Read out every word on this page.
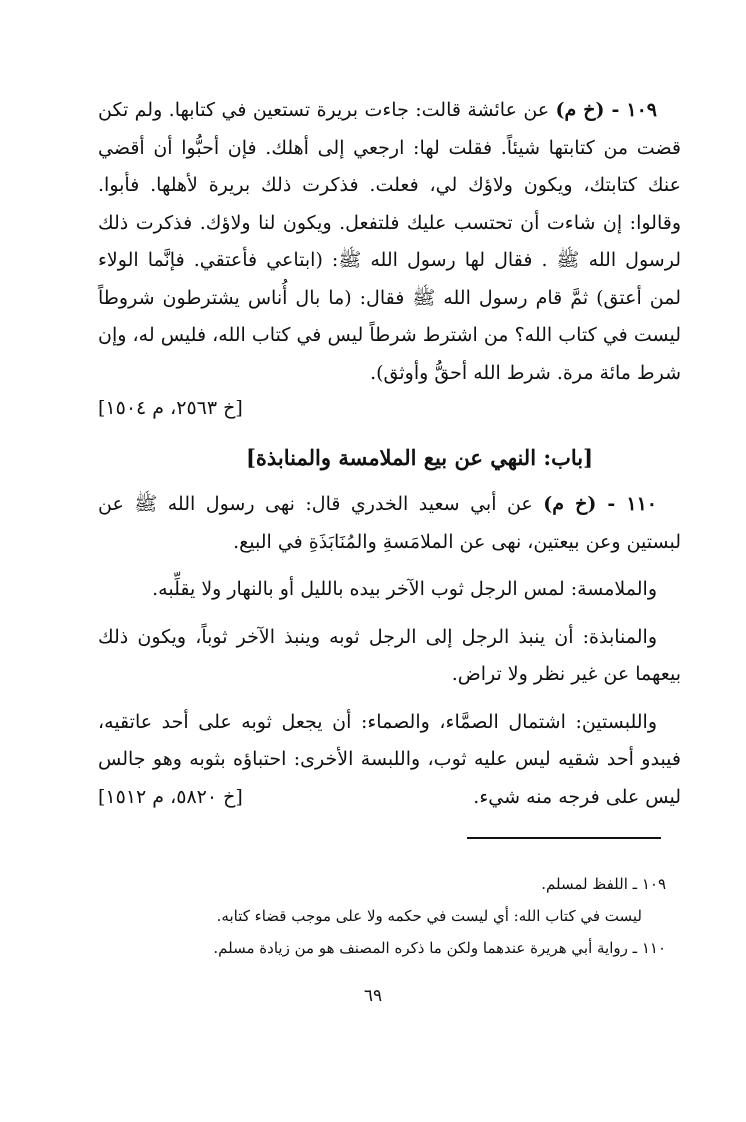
١٠٩ - (خ م) عن عائشة قالت: جاءت بريرة تستعين في كتابها. ولم تكن قضت من كتابتها شيئاً. فقلت لها: ارجعي إلى أهلك. فإن أحبُّوا أن أقضي عنك كتابتك، ويكون ولاؤك لي، فعلت. فذكرت ذلك بريرة لأهلها. فأبوا. وقالوا: إن شاءت أن تحتسب عليك فلتفعل. ويكون لنا ولاؤك. فذكرت ذلك لرسول الله ﷺ . فقال لها رسول الله ﷺ: (ابتاعي فأعتقي. فإنَّما الولاء لمن أعتق) ثمَّ قام رسول الله ﷺ فقال: (ما بال أُناس يشترطون شروطاً ليست في كتاب الله؟ من اشترط شرطاً ليس في كتاب الله، فليس له، وإن شرط مائة مرة. شرط الله أحقُّ وأوثق).

[خ ٢٥٦٣، م ١٥٠٤]

[باب: النهي عن بيع الملامسة والمنابذة]

١١٠ - (خ م) عن أبي سعيد الخدري قال: نهى رسول الله ﷺ عن لبستين وعن بيعتين، نهى عن الملامَسةِ والمُنَابَذَةِ في البيع.

والملامسة: لمس الرجل ثوب الآخر بيده بالليل أو بالنهار ولا يقلِّبه.

والمنابذة: أن ينبذ الرجل إلى الرجل ثوبه وينبذ الآخر ثوباً، ويكون ذلك بيعهما عن غير نظر ولا تراض.

واللبستين: اشتمال الصمَّاء، والصماء: أن يجعل ثوبه على أحد عاتقيه، فيبدو أحد شقيه ليس عليه ثوب، واللبسة الأخرى: احتباؤه بثوبه وهو جالس ليس على فرجه منه شيء.
[خ ٥٨٢٠، م ١٥١٢]

١٠٩ ـ اللفظ لمسلم.

ليست في كتاب الله: أي ليست في حكمه ولا على موجب قضاء كتابه.

١١٠ ـ رواية أبي هريرة عندهما ولكن ما ذكره المصنف هو من زيادة مسلم.

٦٩
